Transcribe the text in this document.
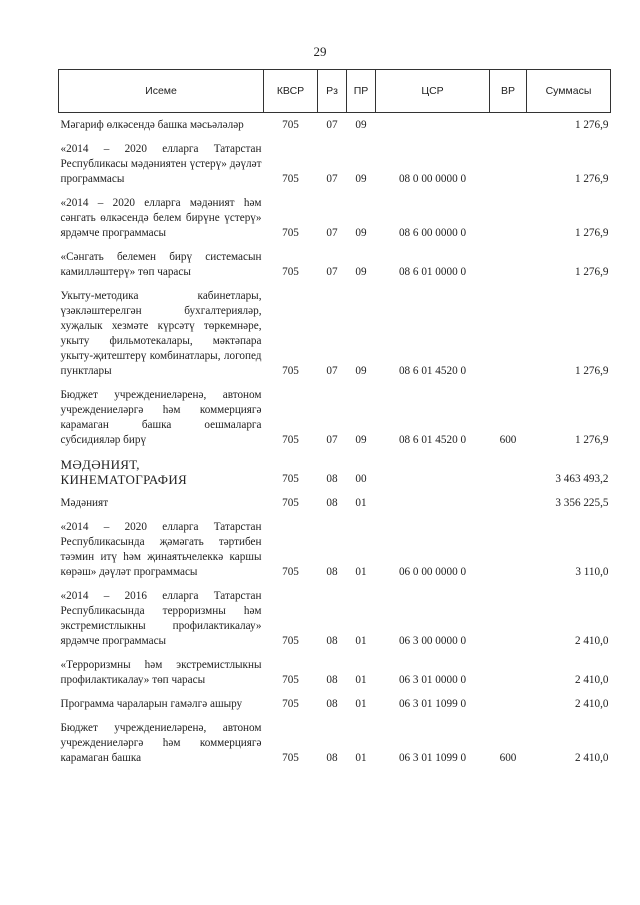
29
Исеме	КВСР	Рз	ПР	ЦСР	ВР	Суммасы
Мәгариф өлкәсендә башка мәсьәләләр	705	07	09			1 276,9
«2014 – 2020 елларга Татарстан Республикасы мәдәниятен үстерү» дәүләт программасы	705	07	09	08 0 00 0000 0		1 276,9
«2014 – 2020 елларга мәдәният һәм сәнгать өлкәсендә белем бирүне үстерү» ярдәмче программасы	705	07	09	08 6 00 0000 0		1 276,9
«Сәнгать белемен бирү системасын камилләштерү» төп чарасы	705	07	09	08 6 01 0000 0		1 276,9
Укыту-методика кабинетлары, үзәкләштерелгән бухгалтерияләр, хуҗалык хезмәте күрсәтү төркемнәре, укыту фильмотекалары, мәктәпара укыту-җитештерү комбинатлары, логопед пунктлары	705	07	09	08 6 01 4520 0		1 276,9
Бюджет учреждениеләренә, автоном учреждениеләргә һәм коммерциягә карамаган башка оешмаларга субсидияләр бирү	705	07	09	08 6 01 4520 0	600	1 276,9
МӘДӘНИЯТ, КИНЕМАТОГРАФИЯ	705	08	00			3 463 493,2
Мәдәният	705	08	01			3 356 225,5
«2014 – 2020 елларга Татарстан Республикасында җәмәгать тәртибен тәэмин итү һәм җинаятьчелеккә каршы көрәш» дәүләт программасы	705	08	01	06 0 00 0000 0		3 110,0
«2014 – 2016 елларга Татарстан Республикасында терроризмны һәм экстремистлыкны профилактикалау» ярдәмче программасы	705	08	01	06 3 00 0000 0		2 410,0
«Терроризмны һәм экстремистлыкны профилактикалау» төп чарасы	705	08	01	06 3 01 0000 0		2 410,0
Программа чараларын гамәлгә ашыру	705	08	01	06 3 01 1099 0		2 410,0
Бюджет учреждениеләренә, автоном учреждениеләргә һәм коммерциягә карамаган башка	705	08	01	06 3 01 1099 0	600	2 410,0
